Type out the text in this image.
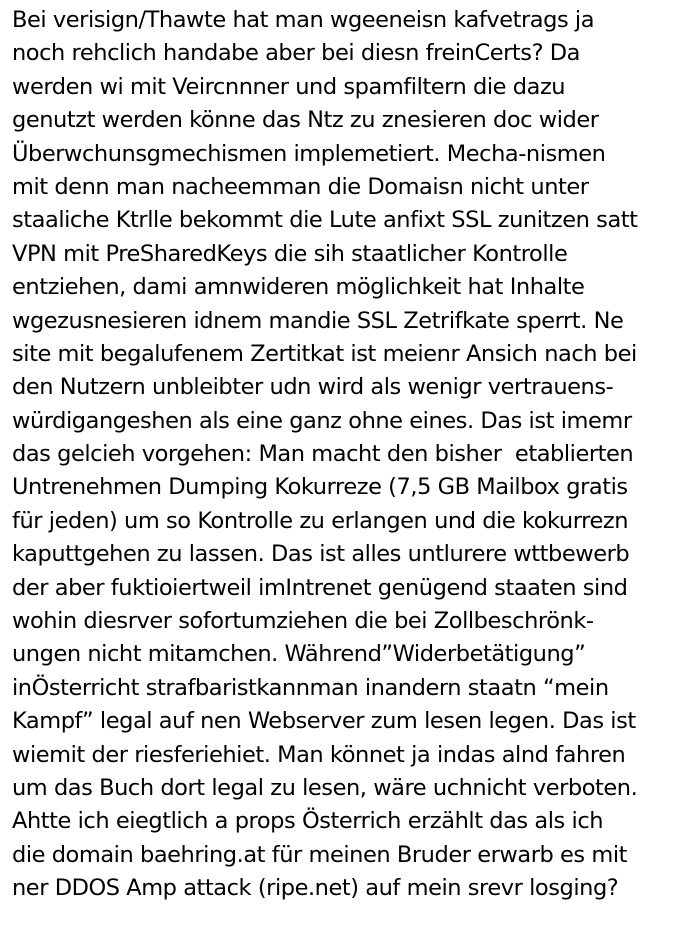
Bei verisign/Thawte hat man wgeeneisn kafvetrags ja
noch rehclich handabe aber bei diesn freinCerts? Da
werden wi mit Veircnnner und spamfiltern die dazu
genutzt werden könne das Ntz zu znesieren doc wider
Überwchunsgmechismen implemetiert. Mecha-nismen
mit denn man nacheemman die Domaisn nicht unter
staaliche Ktrlle bekommt die Lute anfixt SSL zunitzen satt
VPN mit PreSharedKeys die sih staatlicher Kontrolle
entziehen, dami amnwideren möglichkeit hat Inhalte
wgezusnesieren idnem mandie SSL Zetrifkate sperrt. Ne
site mit begalufenem Zertitkat ist meienr Ansich nach bei
den Nutzern unbleibter udn wird als wenigr vertrauens-
würdigangeshen als eine ganz ohne eines. Das ist imemr
das gelcieh vorgehen: Man macht den bisher  etablierten
Untrenehmen Dumping Kokurreze (7,5 GB Mailbox gratis
für jeden) um so Kontrolle zu erlangen und die kokurrezn
kaputtgehen zu lassen. Das ist alles untlurere wttbewerb
der aber fuktioiertweil imIntrenet genügend staaten sind
wohin diesrver sofortumziehen die bei Zollbeschrönk-
ungen nicht mitamchen. Während”Widerbetätigung”
inÖsterricht strafbaristkannman inandern staatn “mein
Kampf” legal auf nen Webserver zum lesen legen. Das ist
wiemit der riesferiehiet. Man könnet ja indas alnd fahren
um das Buch dort legal zu lesen, wäre uchnicht verboten.
Ahtte ich eiegtlich a props Österrich erzählt das als ich
die domain baehring.at für meinen Bruder erwarb es mit
ner DDOS Amp attack (ripe.net) auf mein srevr losging?
